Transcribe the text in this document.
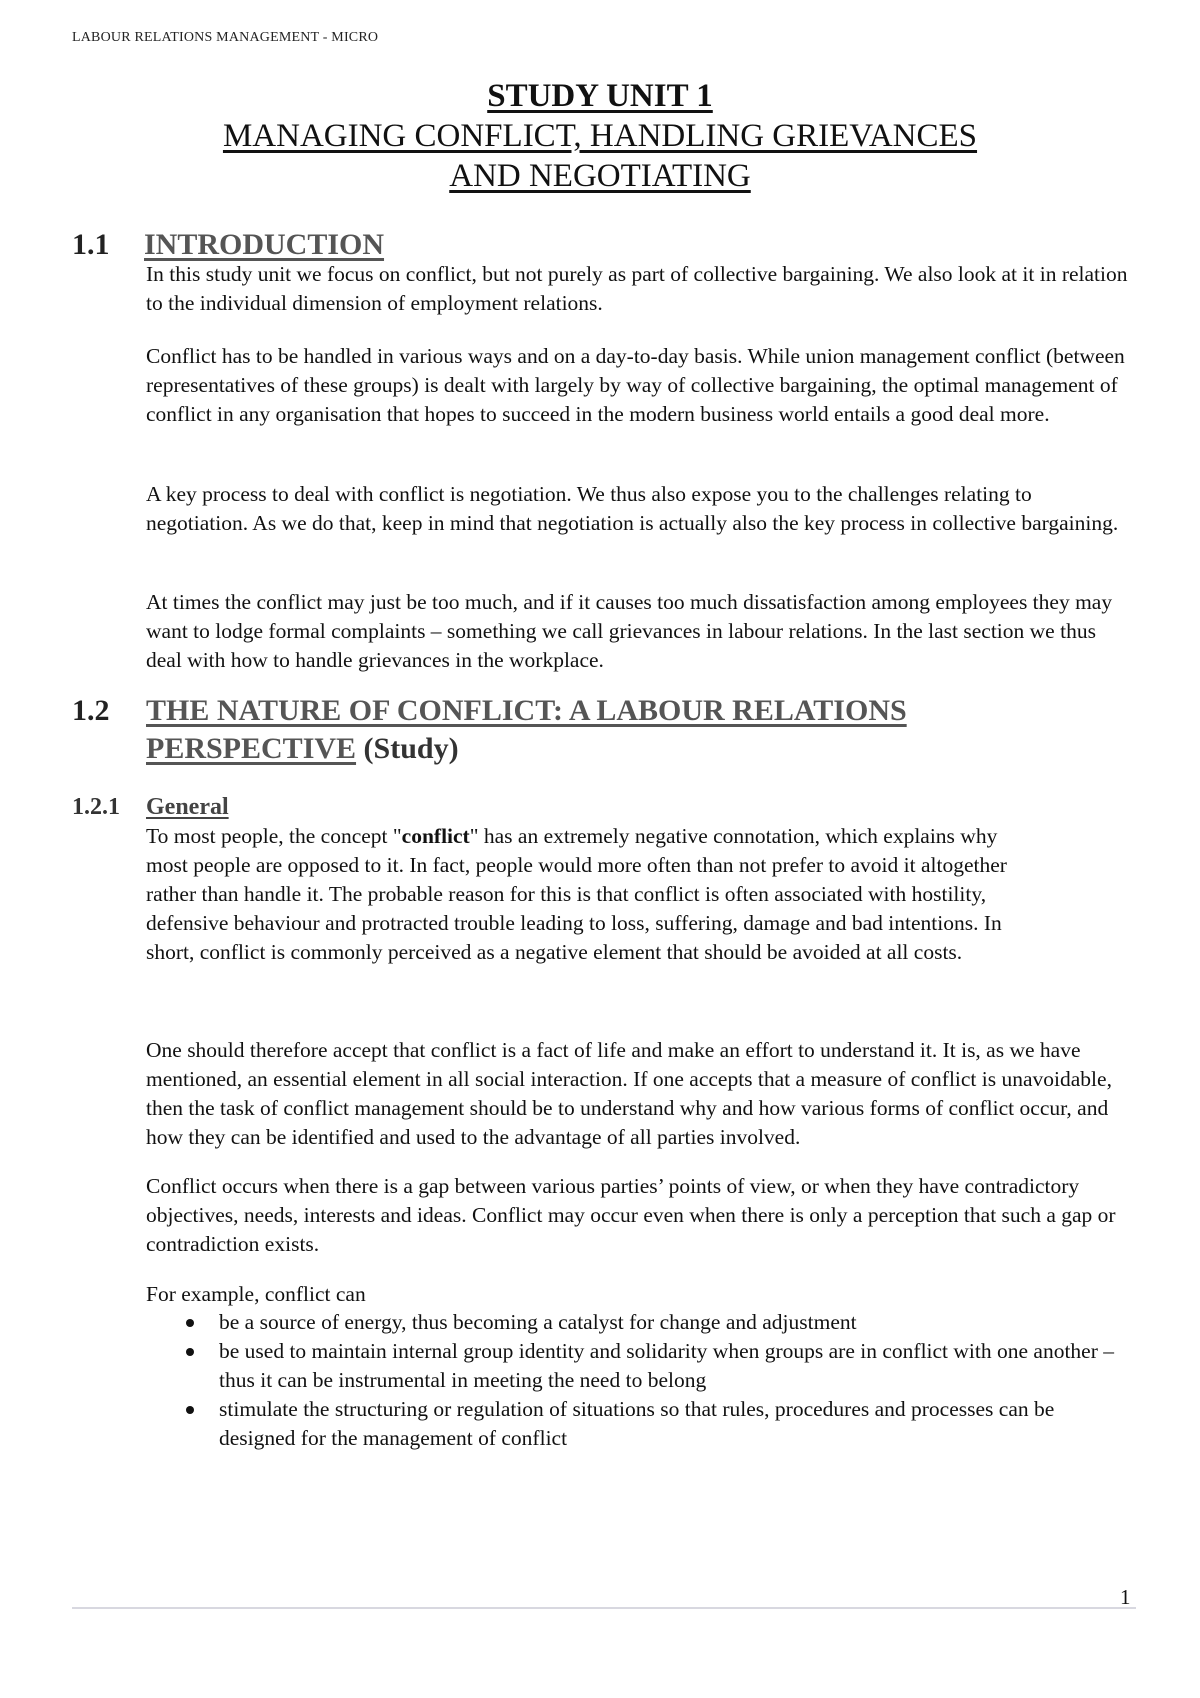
LABOUR RELATIONS MANAGEMENT - MICRO
STUDY UNIT 1
MANAGING CONFLICT, HANDLING GRIEVANCES
AND NEGOTIATING
1.1 INTRODUCTION

In this study unit we focus on conflict, but not purely as part of collective bargaining. We also look at it in relation to the individual dimension of employment relations.

Conflict has to be handled in various ways and on a day-to-day basis. While union management conflict (between representatives of these groups) is dealt with largely by way of collective bargaining, the optimal management of conflict in any organisation that hopes to succeed in the modern business world entails a good deal more.

A key process to deal with conflict is negotiation. We thus also expose you to the challenges relating to negotiation. As we do that, keep in mind that negotiation is actually also the key process in collective bargaining.

At times the conflict may just be too much, and if it causes too much dissatisfaction among employees they may want to lodge formal complaints – something we call grievances in labour relations. In the last section we thus deal with how to handle grievances in the workplace.

1.2 THE NATURE OF CONFLICT: A LABOUR RELATIONS
PERSPECTIVE (Study)
1.2.1 General

To most people, the concept "conflict" has an extremely negative connotation, which explains why most people are opposed to it. In fact, people would more often than not prefer to avoid it altogether rather than handle it. The probable reason for this is that conflict is often associated with hostility, defensive behaviour and protracted trouble leading to loss, suffering, damage and bad intentions. In short, conflict is commonly perceived as a negative element that should be avoided at all costs.

One should therefore accept that conflict is a fact of life and make an effort to understand it. It is, as we have mentioned, an essential element in all social interaction. If one accepts that a measure of conflict is unavoidable, then the task of conflict management should be to understand why and how various forms of conflict occur, and how they can be identified and used to the advantage of all parties involved.

Conflict occurs when there is a gap between various parties’ points of view, or when they have contradictory objectives, needs, interests and ideas. Conflict may occur even when there is only a perception that such a gap or contradiction exists.

For example, conflict can

be a source of energy, thus becoming a catalyst for change and adjustment
be used to maintain internal group identity and solidarity when groups are in conflict with one another – thus it can be instrumental in meeting the need to belong
stimulate the structuring or regulation of situations so that rules, procedures and processes can be designed for the management of conflict
1
